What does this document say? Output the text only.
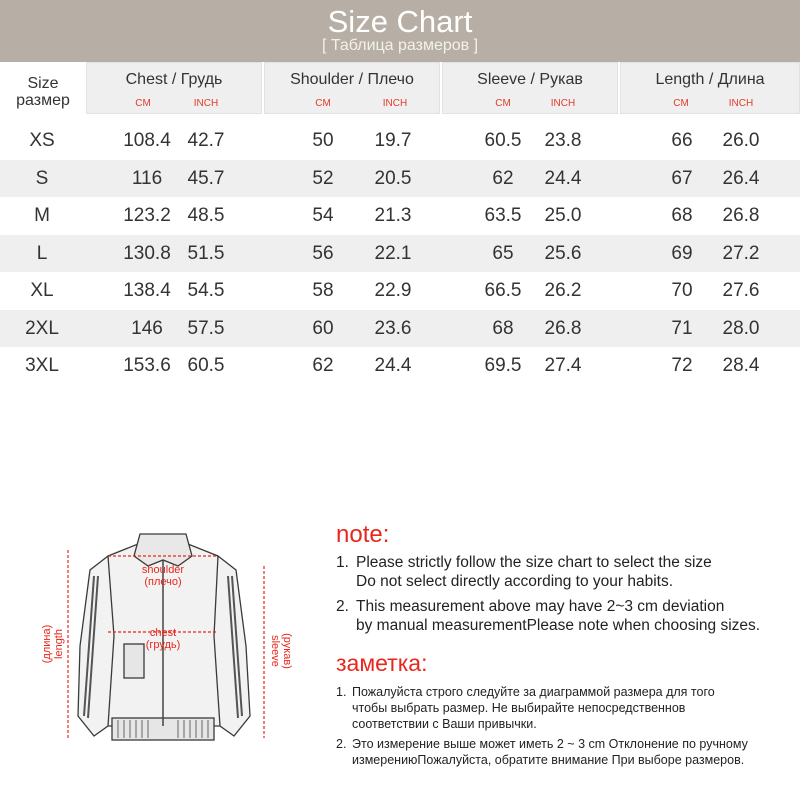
Size Chart
[ Таблица размеров ]
Size
размер
Chest / Грудь
CM	INCH
Shoulder / Плечо
CM	INCH
Sleeve / Рукав
CM	INCH
Length / Длина
CM	INCH
XS	108.4 42.7	50	19.7	60.5	23.8	66	26.0
S	116	45.7	52	20.5	62	24.4	67	26.4
M	123.2 48.5	54	21.3	63.5	25.0	68	26.8
L	130.8 51.5	56	22.1	65	25.6	69	27.2
XL	138.4 54.5	58	22.9	66.5	26.2	70	27.6
2XL	146	57.5	60	23.6	68	26.8	71	28.0
3XL	153.6 60.5	62	24.4	69.5	27.4	72	28.4
shoulder
(плечо)
chest
(грудь)
length
(длина)	sleeve (рукав)
note:
1. Please strictly follow the size chart to select the size
Do not select directly according to your habits.
2. This measurement above may have 2~3 cm deviation
by manual measurementPlease note when choosing sizes.
заметка:
1. Пожалуйста строго следуйте за диаграммой размера для того
чтобы выбрать размер. Не выбирайте непосредственнов
соответствии с Ваши привычки.
2. Это измерение выше может иметь 2 ~ 3 cm Отклонение по ручному
измерениюПожалуйста, обратите внимание При выборе размеров.
